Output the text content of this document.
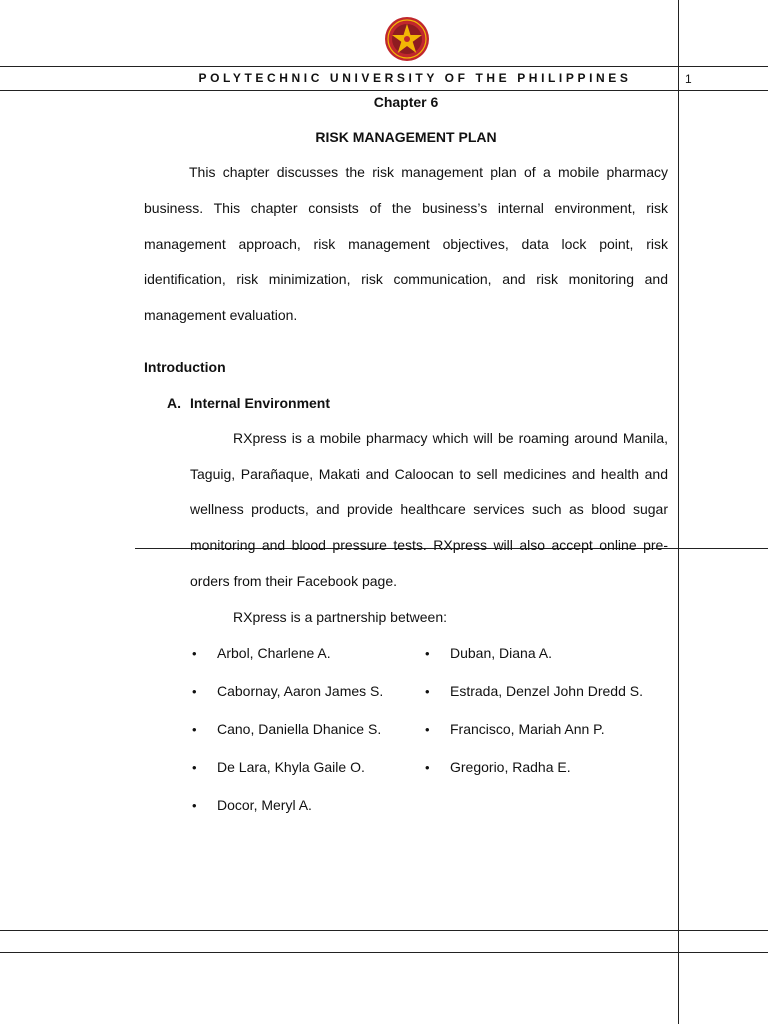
POLYTECHNIC UNIVERSITY OF THE PHILIPPINES	1
Chapter 6
RISK MANAGEMENT PLAN

This chapter discusses the risk management plan of a mobile pharmacy business. This chapter consists of the business’s internal environment, risk management approach, risk management objectives, data lock point, risk identification, risk minimization, risk communication, and risk monitoring and management evaluation.

Introduction
A. Internal Environment

RXpress is a mobile pharmacy which will be roaming around Manila, Taguig, Parañaque, Makati and Caloocan to sell medicines and health and wellness products, and provide healthcare services such as blood sugar monitoring and blood pressure tests. RXpress will also accept online pre-orders from their Facebook page.

RXpress is a partnership between:
• Arbol, Charlene A.
• Cabornay, Aaron James S.
• Cano, Daniella Dhanice S.
• De Lara, Khyla Gaile O.
• Docor, Meryl A.
• Duban, Diana A.
• Estrada, Denzel John Dredd S.
• Francisco, Mariah Ann P.
• Gregorio, Radha E.
